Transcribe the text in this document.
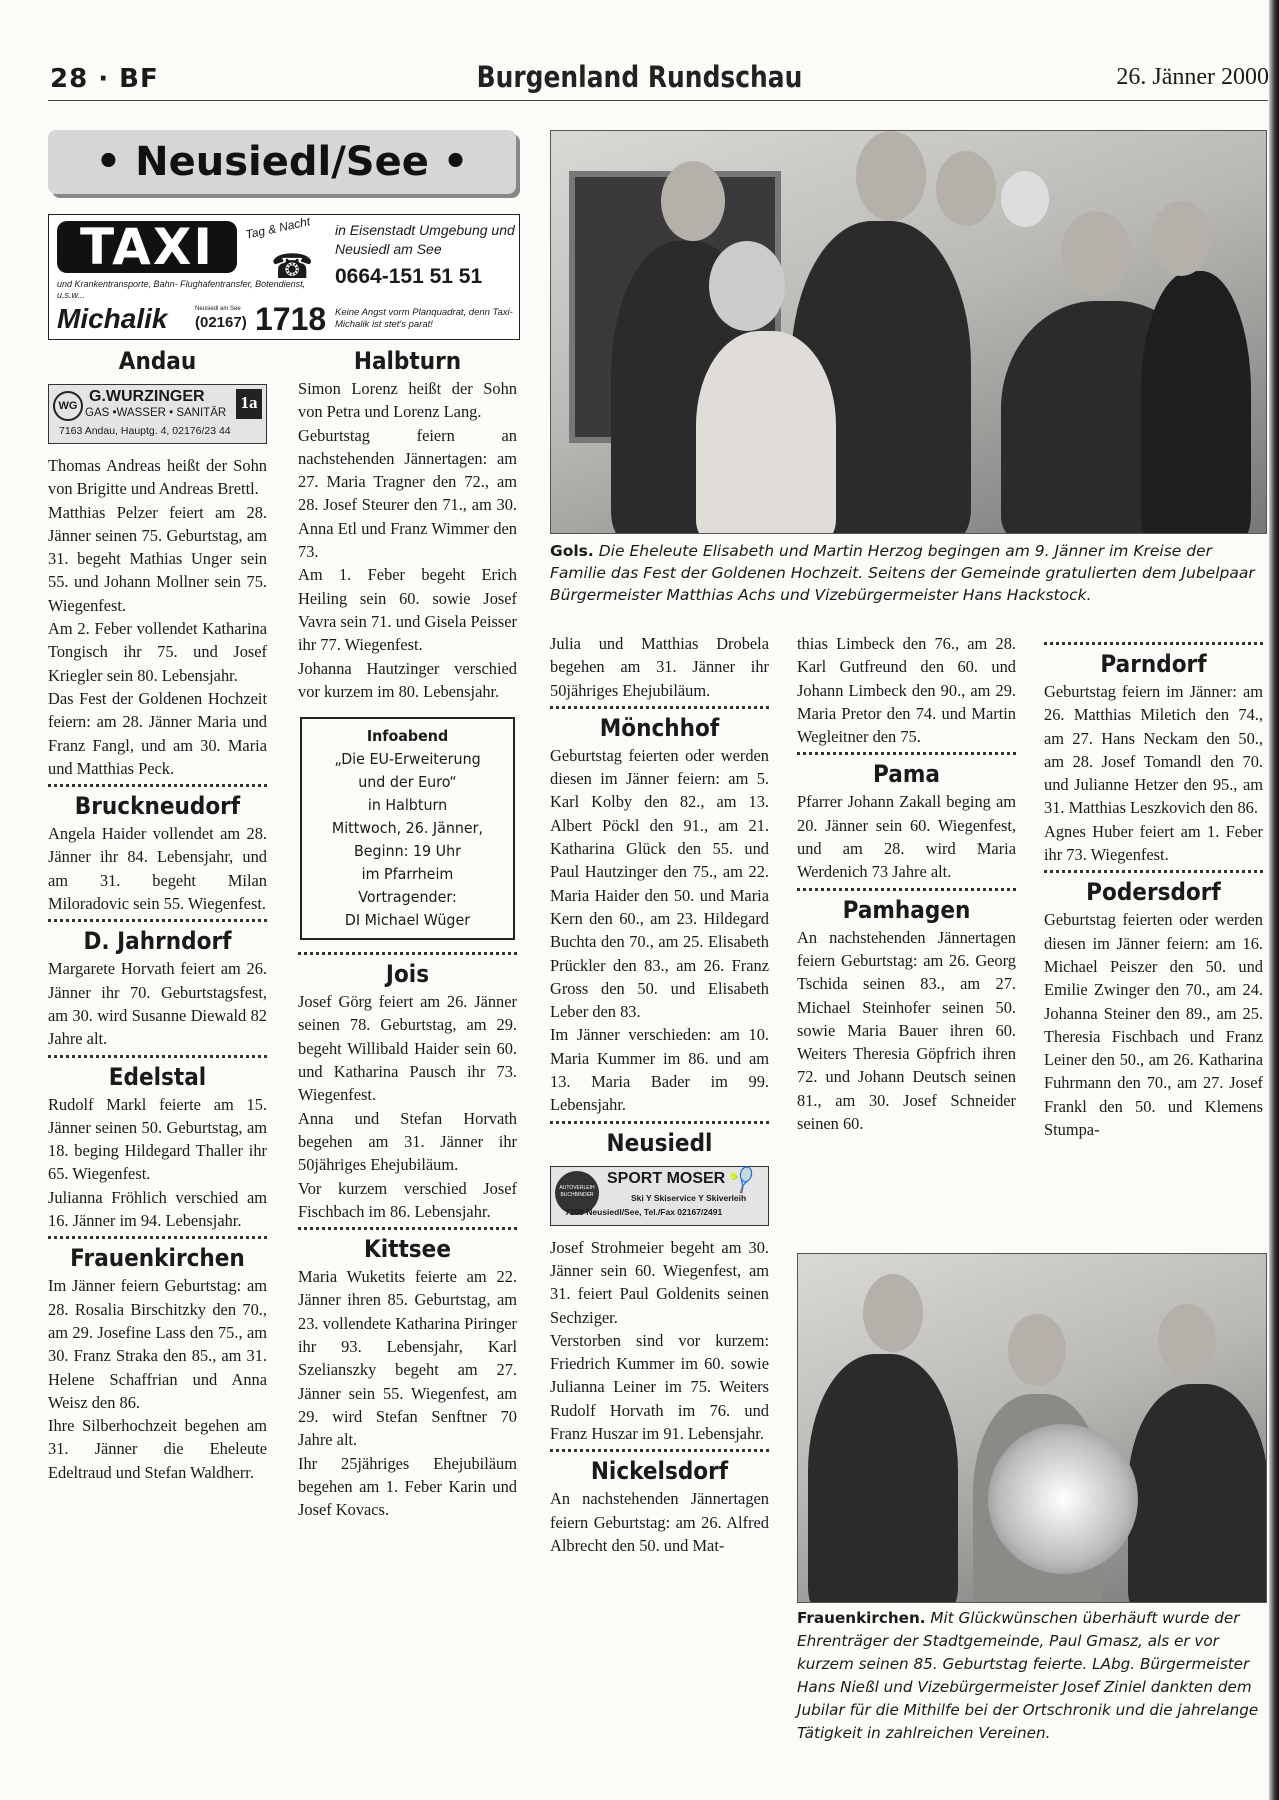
28 · BF	Burgenland Rundschau	26. Jänner 2000
• Neusiedl/See •
TAXI	Tag & Nacht
☎
in Eisenstadt Umgebung und Neusiedl am See
0664-151 51 51
und Krankentransporte, Bahn- Flughafentransfer, Botendienst, u.s.w...
Michalik	Neusiedl am See
(02167) 1718 Keine Angst vorm Planquadrat, denn Taxi-Michalik ist stet's parat!
Gols. Die Eheleute Elisabeth und Martin Herzog begingen am 9. Jänner im Kreise der Familie das Fest der Goldenen Hochzeit. Seitens der Gemeinde gratulierten dem Jubelpaar Bürgermeister Matthias Achs und Vizebürgermeister Hans Hackstock.
Frauenkirchen. Mit Glückwünschen überhäuft wurde der Ehrenträger der Stadtgemeinde, Paul Gmasz, als er vor kurzem seinen 85. Geburtstag feierte. LAbg. Bürgermeister Hans Nießl und Vizebürgermeister Josef Ziniel dankten dem Jubilar für die Mithilfe bei der Ortschronik und die jahrelange Tätigkeit in zahlreichen Vereinen.
Andau
WG
G.WURZINGER
GAS •WASSER • SANITÄR
1a
7163 Andau, Hauptg. 4, 02176/23 44

Thomas Andreas heißt der Sohn von Brigitte und Andreas Brettl.

Matthias Pelzer feiert am 28. Jänner seinen 75. Geburtstag, am 31. begeht Mathias Unger sein 55. und Johann Mollner sein 75. Wiegenfest.

Am 2. Feber vollendet Katharina Tongisch ihr 75. und Josef Kriegler sein 80. Lebensjahr.

Das Fest der Goldenen Hochzeit feiern: am 28. Jänner Maria und Franz Fangl, und am 30. Maria und Matthias Peck.

Bruckneudorf

Angela Haider vollendet am 28. Jänner ihr 84. Lebensjahr, und am 31. begeht Milan Miloradovic sein 55. Wiegenfest.

D. Jahrndorf

Margarete Horvath feiert am 26. Jänner ihr 70. Geburtstagsfest, am 30. wird Susanne Diewald 82 Jahre alt.

Edelstal

Rudolf Markl feierte am 15. Jänner seinen 50. Geburtstag, am 18. beging Hildegard Thaller ihr 65. Wiegenfest.

Julianna Fröhlich verschied am 16. Jänner im 94. Lebensjahr.

Frauenkirchen

Im Jänner feiern Geburtstag: am 28. Rosalia Birschitzky den 70., am 29. Josefine Lass den 75., am 30. Franz Straka den 85., am 31. Helene Schaffrian und Anna Weisz den 86.

Ihre Silberhochzeit begehen am 31. Jänner die Eheleute Edeltraud und Stefan Waldherr.

Halbturn

Simon Lorenz heißt der Sohn von Petra und Lorenz Lang.

Geburtstag feiern an nachstehenden Jännertagen: am 27. Maria Tragner den 72., am 28. Josef Steurer den 71., am 30. Anna Etl und Franz Wimmer den 73.

Am 1. Feber begeht Erich Heiling sein 60. sowie Josef Vavra sein 71. und Gisela Peisser ihr 77. Wiegenfest.

Johanna Hautzinger verschied vor kurzem im 80. Lebensjahr.

Infoabend
„Die EU-Erweiterung
und der Euro“
in Halbturn
Mittwoch, 26. Jänner,
Beginn: 19 Uhr
im Pfarrheim
Vortragender:
DI Michael Wüger
Jois

Josef Görg feiert am 26. Jänner seinen 78. Geburtstag, am 29. begeht Willibald Haider sein 60. und Katharina Pausch ihr 73. Wiegenfest.

Anna und Stefan Horvath begehen am 31. Jänner ihr 50jähriges Ehejubiläum.

Vor kurzem verschied Josef Fischbach im 86. Lebensjahr.

Kittsee

Maria Wuketits feierte am 22. Jänner ihren 85. Geburtstag, am 23. vollendete Katharina Piringer ihr 93. Lebensjahr, Karl Szelianszky begeht am 27. Jänner sein 55. Wiegenfest, am 29. wird Stefan Senftner 70 Jahre alt.

Ihr 25jähriges Ehejubiläum begehen am 1. Feber Karin und Josef Kovacs.

Julia und Matthias Drobela begehen am 31. Jänner ihr 50jähriges Ehejubiläum.

Mönchhof

Geburtstag feierten oder werden diesen im Jänner feiern: am 5. Karl Kolby den 82., am 13. Albert Pöckl den 91., am 21. Katharina Glück den 55. und Paul Hautzinger den 75., am 22. Maria Haider den 50. und Maria Kern den 60., am 23. Hildegard Buchta den 70., am 25. Elisabeth Prückler den 83., am 26. Franz Gross den 50. und Elisabeth Leber den 83.

Im Jänner verschieden: am 10. Maria Kummer im 86. und am 13. Maria Bader im 99. Lebensjahr.

Neusiedl
AUTOVERLEIH BUCHBINDER
SPORT MOSER 🎾
Ski Y Skiservice Y Skiverleih
7100 Neusiedl/See, Tel./Fax 02167/2491

Josef Strohmeier begeht am 30. Jänner sein 60. Wiegenfest, am 31. feiert Paul Goldenits seinen Sechziger.

Verstorben sind vor kurzem: Friedrich Kummer im 60. sowie Julianna Leiner im 75. Weiters Rudolf Horvath im 76. und Franz Huszar im 91. Lebensjahr.

Nickelsdorf

An nachstehenden Jännertagen feiern Geburtstag: am 26. Alfred Albrecht den 50. und Mat-

thias Limbeck den 76., am 28. Karl Gutfreund den 60. und Johann Limbeck den 90., am 29. Maria Pretor den 74. und Martin Wegleitner den 75.

Pama

Pfarrer Johann Zakall beging am 20. Jänner sein 60. Wiegenfest, und am 28. wird Maria Werdenich 73 Jahre alt.

Pamhagen

An nachstehenden Jännertagen feiern Geburtstag: am 26. Georg Tschida seinen 83., am 27. Michael Steinhofer seinen 50. sowie Maria Bauer ihren 60. Weiters Theresia Göpfrich ihren 72. und Johann Deutsch seinen 81., am 30. Josef Schneider seinen 60.

Parndorf

Geburtstag feiern im Jänner: am 26. Matthias Miletich den 74., am 27. Hans Neckam den 50., am 28. Josef Tomandl den 70. und Julianne Hetzer den 95., am 31. Matthias Leszkovich den 86.

Agnes Huber feiert am 1. Feber ihr 73. Wiegenfest.

Podersdorf

Geburtstag feierten oder werden diesen im Jänner feiern: am 16. Michael Peiszer den 50. und Emilie Zwinger den 70., am 24. Johanna Steiner den 89., am 25. Theresia Fischbach und Franz Leiner den 50., am 26. Katharina Fuhrmann den 70., am 27. Josef Frankl den 50. und Klemens Stumpa-
